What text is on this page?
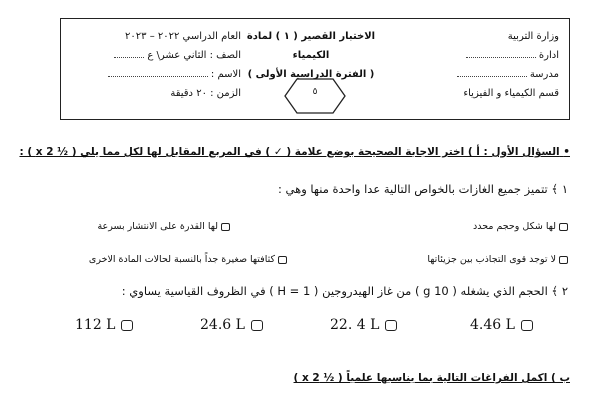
وزارة التربية
ادارة
مدرسة
قسم الكيمياء و الفيزياء
الاختبار القصير ( ١ ) لمادة الكيمياء
( الفترة الدراسية الأولى )
٥
العام الدراسي ٢٠٢٢ – ٢٠٢٣
الصف : الثاني عشر\ ع
الاسم :
الزمن : ٢٠ دقيقة
• السؤال الأول : أ ) اختر الاجابة الصحيحة بوضع علامة ( ✓ ) في المربع المقابل لها لكل مما يلي ( ½ x 2 ) :
١ ﴾ تتميز جميع الغازات بالخواص التالية عدا واحدة منها وهي :
لها شكل وحجم محدد
لها القدرة على الانتشار بسرعة
لا توجد قوى التجاذب بين جزيئاتها
كثافتها صغيرة جداً بالنسبة لحالات المادة الاخرى
٢ ﴾ الحجم الذي يشغله ( 10 g ) من غاز الهيدروجين ( H = 1 ) في الظروف القياسية يساوي :
4.46 L
22. 4 L
24.6 L
112 L
ب ) اكمل الفراغات التالية بما يناسبها علمياً ( ½ x 2 )
